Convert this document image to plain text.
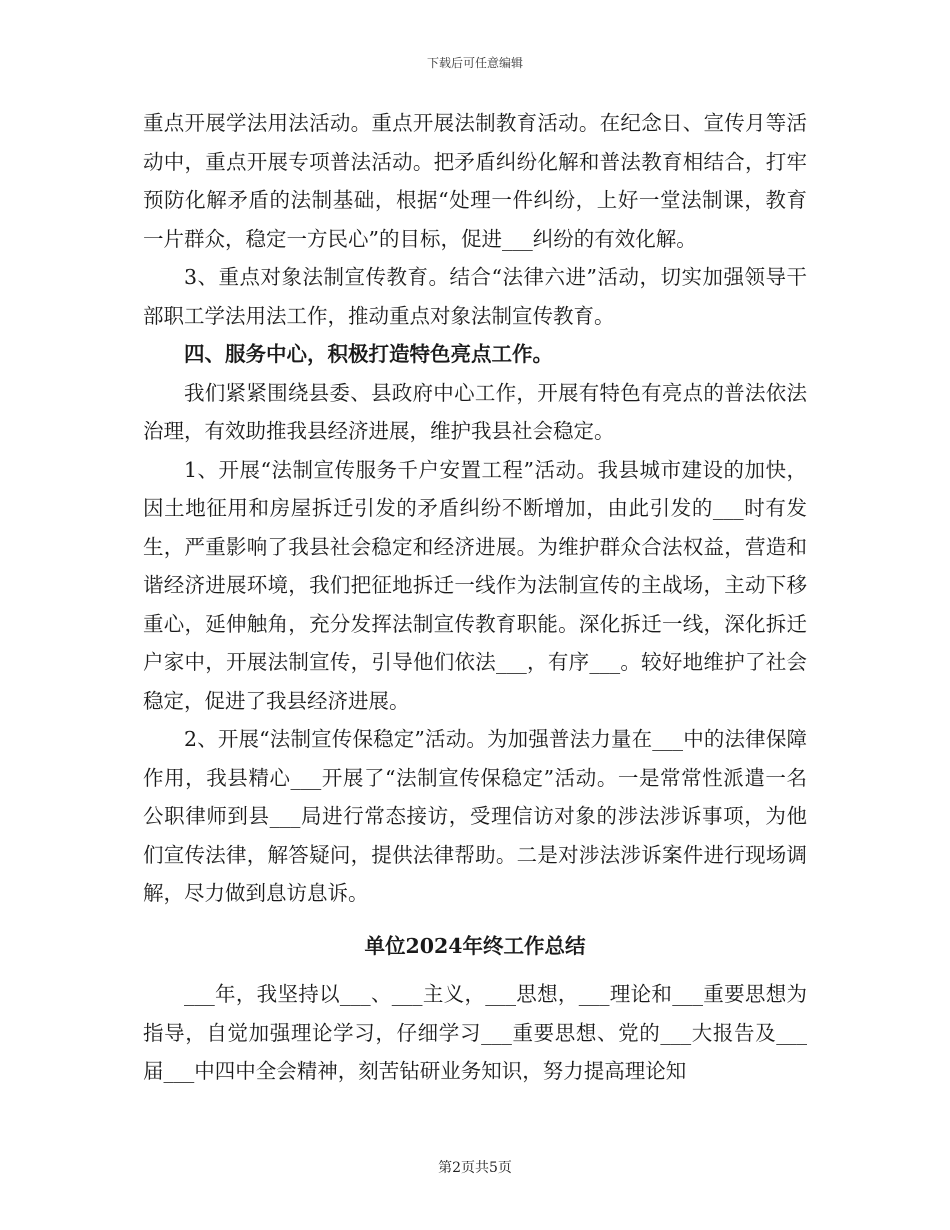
下载后可任意编辑

重点开展学法用法活动。重点开展法制教育活动。在纪念日、宣传月等活动中，重点开展专项普法活动。把矛盾纠纷化解和普法教育相结合，打牢预防化解矛盾的法制基础，根据“处理一件纠纷，上好一堂法制课，教育一片群众，稳定一方民心”的目标，促进___纠纷的有效化解。

3、重点对象法制宣传教育。结合“法律六进”活动，切实加强领导干部职工学法用法工作，推动重点对象法制宣传教育。

四、服务中心，积极打造特色亮点工作。

我们紧紧围绕县委、县政府中心工作，开展有特色有亮点的普法依法治理，有效助推我县经济进展，维护我县社会稳定。

1、开展“法制宣传服务千户安置工程”活动。我县城市建设的加快，因土地征用和房屋拆迁引发的矛盾纠纷不断增加，由此引发的___时有发生，严重影响了我县社会稳定和经济进展。为维护群众合法权益，营造和谐经济进展环境，我们把征地拆迁一线作为法制宣传的主战场，主动下移重心，延伸触角，充分发挥法制宣传教育职能。深化拆迁一线，深化拆迁户家中，开展法制宣传，引导他们依法___，有序___。较好地维护了社会稳定，促进了我县经济进展。

2、开展“法制宣传保稳定”活动。为加强普法力量在___中的法律保障作用，我县精心___开展了“法制宣传保稳定”活动。一是常常性派遣一名公职律师到县___局进行常态接访，受理信访对象的涉法涉诉事项，为他们宣传法律，解答疑问，提供法律帮助。二是对涉法涉诉案件进行现场调解，尽力做到息访息诉。

单位2024年终工作总结

___年，我坚持以___、___主义，___思想，___理论和___重要思想为指导，自觉加强理论学习，仔细学习___重要思想、党的___大报告及___届___中四中全会精神，刻苦钻研业务知识，努力提高理论知

第2页共5页
